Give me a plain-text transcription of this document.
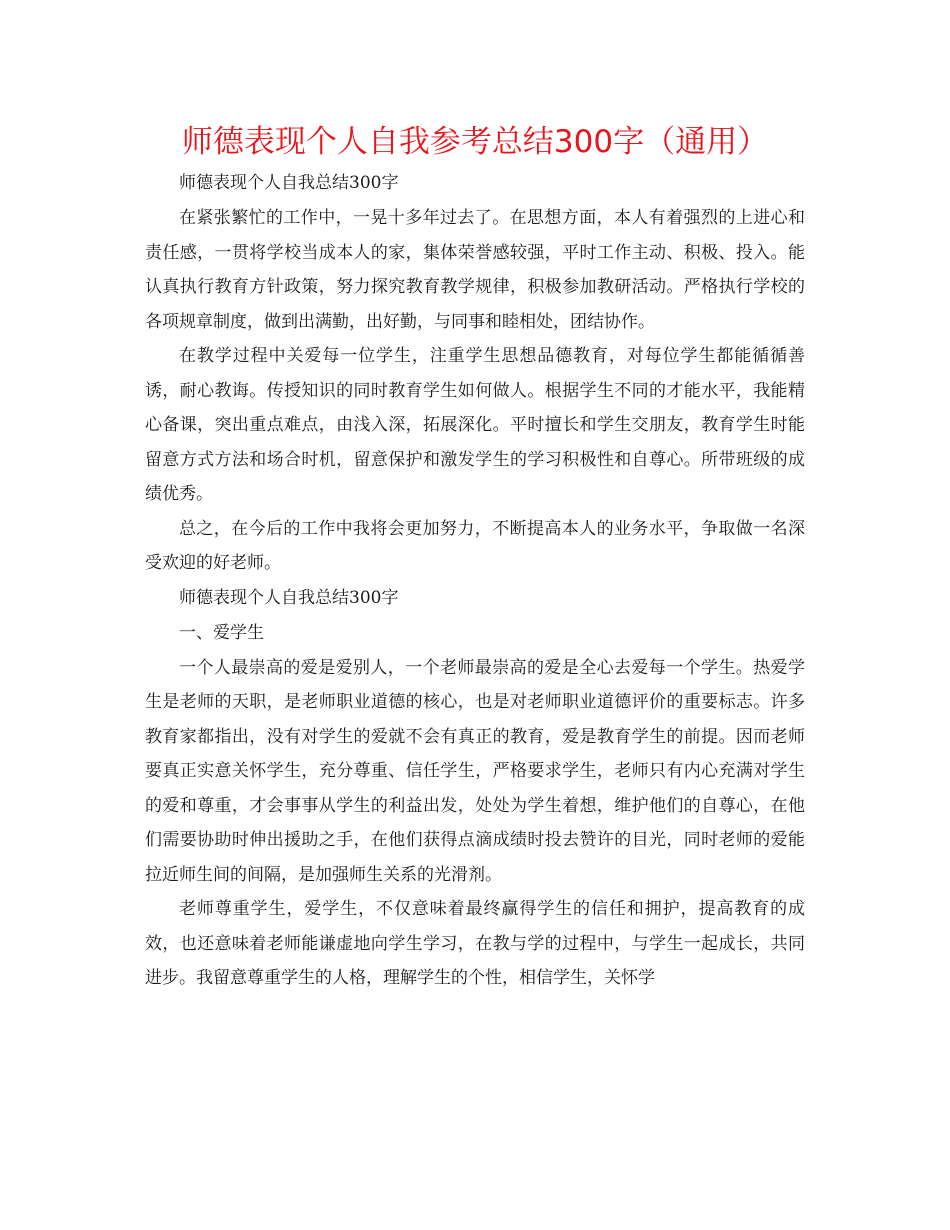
师德表现个人自我参考总结300字（通用）

师德表现个人自我总结300字

在紧张繁忙的工作中，一晃十多年过去了。在思想方面，本人有着强烈的上进心和责任感，一贯将学校当成本人的家，集体荣誉感较强，平时工作主动、积极、投入。能认真执行教育方针政策，努力探究教育教学规律，积极参加教研活动。严格执行学校的各项规章制度，做到出满勤，出好勤，与同事和睦相处，团结协作。

在教学过程中关爱每一位学生，注重学生思想品德教育，对每位学生都能循循善诱，耐心教诲。传授知识的同时教育学生如何做人。根据学生不同的才能水平，我能精心备课，突出重点难点，由浅入深，拓展深化。平时擅长和学生交朋友，教育学生时能留意方式方法和场合时机，留意保护和激发学生的学习积极性和自尊心。所带班级的成绩优秀。

总之，在今后的工作中我将会更加努力，不断提高本人的业务水平，争取做一名深受欢迎的好老师。

师德表现个人自我总结300字

一、爱学生

一个人最崇高的爱是爱别人，一个老师最崇高的爱是全心去爱每一个学生。热爱学生是老师的天职，是老师职业道德的核心，也是对老师职业道德评价的重要标志。许多教育家都指出，没有对学生的爱就不会有真正的教育，爱是教育学生的前提。因而老师要真正实意关怀学生，充分尊重、信任学生，严格要求学生，老师只有内心充满对学生的爱和尊重，才会事事从学生的利益出发，处处为学生着想，维护他们的自尊心，在他们需要协助时伸出援助之手，在他们获得点滴成绩时投去赞许的目光，同时老师的爱能拉近师生间的间隔，是加强师生关系的光滑剂。

老师尊重学生，爱学生，不仅意味着最终赢得学生的信任和拥护，提高教育的成效，也还意味着老师能谦虚地向学生学习，在教与学的过程中，与学生一起成长，共同进步。我留意尊重学生的人格，理解学生的个性，相信学生，关怀学
